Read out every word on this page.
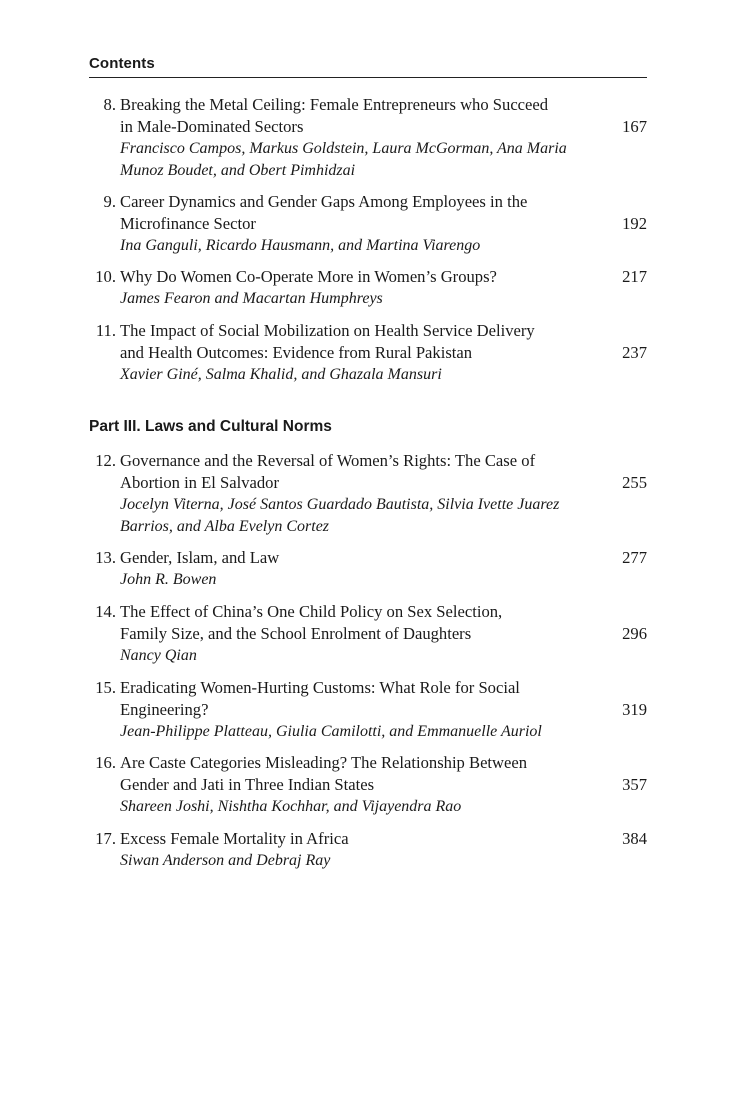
Contents
8. Breaking the Metal Ceiling: Female Entrepreneurs who Succeed
in Male-Dominated Sectors
Francisco Campos, Markus Goldstein, Laura McGorman, Ana Maria
Munoz Boudet, and Obert Pimhidzai
167
9. Career Dynamics and Gender Gaps Among Employees in the
Microfinance Sector
Ina Ganguli, Ricardo Hausmann, and Martina Viarengo
192
10. Why Do Women Co-Operate More in Women’s Groups?
James Fearon and Macartan Humphreys
217
11. The Impact of Social Mobilization on Health Service Delivery
and Health Outcomes: Evidence from Rural Pakistan
Xavier Giné, Salma Khalid, and Ghazala Mansuri
237
Part III. Laws and Cultural Norms
12. Governance and the Reversal of Women’s Rights: The Case of
Abortion in El Salvador
Jocelyn Viterna, José Santos Guardado Bautista, Silvia Ivette Juarez
Barrios, and Alba Evelyn Cortez
255
13. Gender, Islam, and Law
John R. Bowen
277
14. The Effect of China’s One Child Policy on Sex Selection,
Family Size, and the School Enrolment of Daughters
Nancy Qian
296
15. Eradicating Women-Hurting Customs: What Role for Social
Engineering?
Jean-Philippe Platteau, Giulia Camilotti, and Emmanuelle Auriol
319
16. Are Caste Categories Misleading? The Relationship Between
Gender and Jati in Three Indian States
Shareen Joshi, Nishtha Kochhar, and Vijayendra Rao
357
17. Excess Female Mortality in Africa
Siwan Anderson and Debraj Ray
384
